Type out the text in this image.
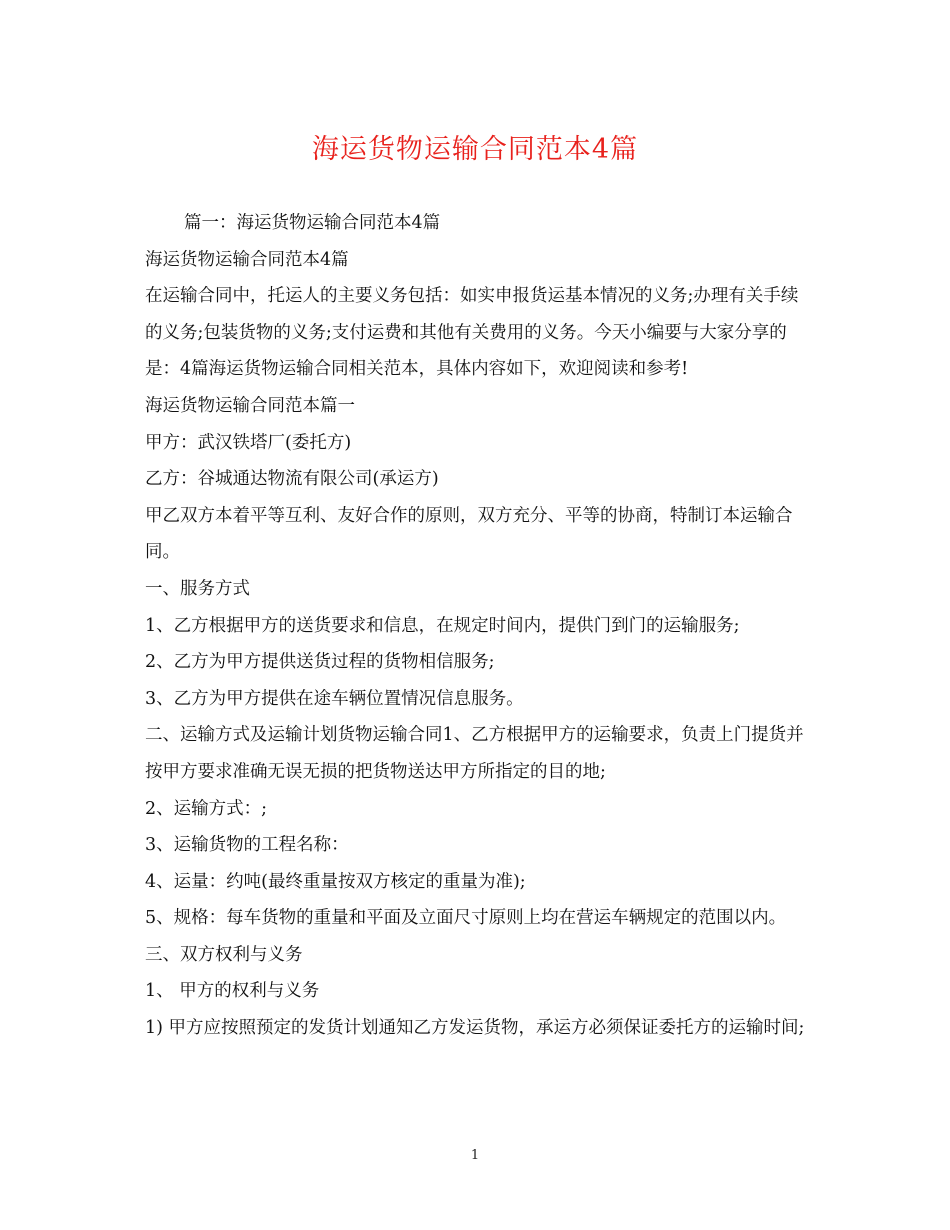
海运货物运输合同范本4篇

篇一：海运货物运输合同范本4篇

海运货物运输合同范本4篇

在运输合同中，托运人的主要义务包括：如实申报货运基本情况的义务;办理有关手续的义务;包装货物的义务;支付运费和其他有关费用的义务。今天小编要与大家分享的是：4篇海运货物运输合同相关范本，具体内容如下，欢迎阅读和参考!

海运货物运输合同范本篇一

甲方：武汉铁塔厂(委托方)

乙方：谷城通达物流有限公司(承运方)

甲乙双方本着平等互利、友好合作的原则，双方充分、平等的协商，特制订本运输合同。

一、服务方式

1、乙方根据甲方的送货要求和信息，在规定时间内，提供门到门的运输服务;

2、乙方为甲方提供送货过程的货物相信服务;

3、乙方为甲方提供在途车辆位置情况信息服务。

二、运输方式及运输计划货物运输合同1、乙方根据甲方的运输要求，负责上门提货并按甲方要求准确无误无损的把货物送达甲方所指定的目的地;

2、运输方式：;

3、运输货物的工程名称：

4、运量：约吨(最终重量按双方核定的重量为准);

5、规格：每车货物的重量和平面及立面尺寸原则上均在营运车辆规定的范围以内。

三、双方权利与义务

1、 甲方的权利与义务

1) 甲方应按照预定的发货计划通知乙方发运货物，承运方必须保证委托方的运输时间;

1
